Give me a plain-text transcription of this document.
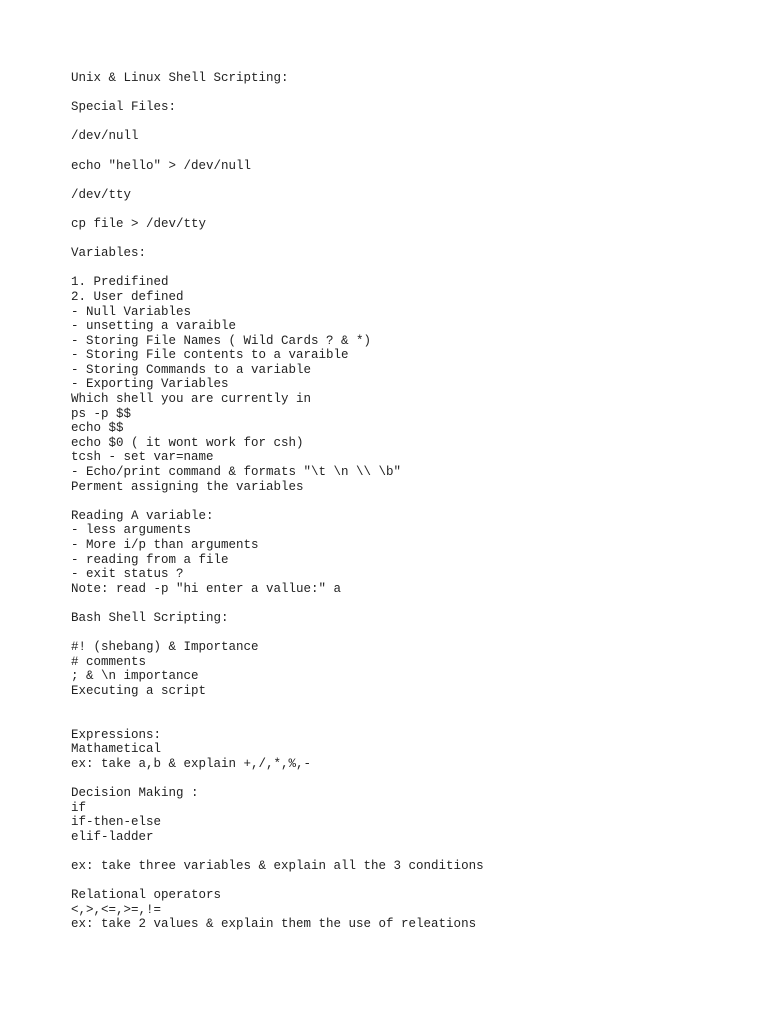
Unix & Linux Shell Scripting:
Special Files:
/dev/null
echo "hello" > /dev/null
/dev/tty
cp file > /dev/tty
Variables:
1. Predifined
2. User defined
- Null Variables
- unsetting a varaible
- Storing File Names ( Wild Cards ? & *)
- Storing File contents to a varaible
- Storing Commands to a variable
- Exporting Variables
Which shell you are currently in
ps -p $$
echo $$
echo $0 ( it wont work for csh)
tcsh - set var=name
- Echo/print command & formats "\t \n \\ \b"
Perment assigning the variables
Reading A variable:
- less arguments
- More i/p than arguments
- reading from a file
- exit status ?
Note: read -p "hi enter a vallue:" a
Bash Shell Scripting:
#! (shebang) & Importance
# comments
; & \n importance
Executing a script
Expressions:
Mathametical
ex: take a,b & explain +,/,*,%,-
Decision Making :
if
if-then-else
elif-ladder
ex: take three variables & explain all the 3 conditions
Relational operators
<,>,<=,>=,!=
ex: take 2 values & explain them the use of releations
